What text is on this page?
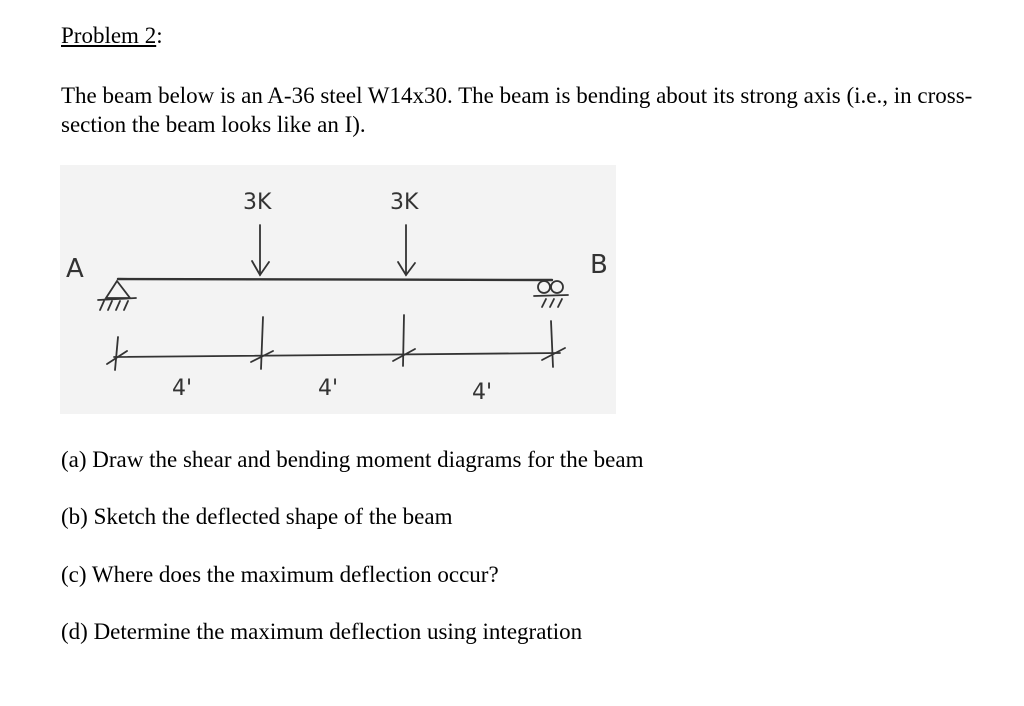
Problem 2:
The beam below is an A-36 steel W14x30. The beam is bending about its strong axis (i.e., in cross-section the beam looks like an I).
A	B
3K	3K
4'	4'	4'
(a) Draw the shear and bending moment diagrams for the beam
(b) Sketch the deflected shape of the beam
(c) Where does the maximum deflection occur?
(d) Determine the maximum deflection using integration
